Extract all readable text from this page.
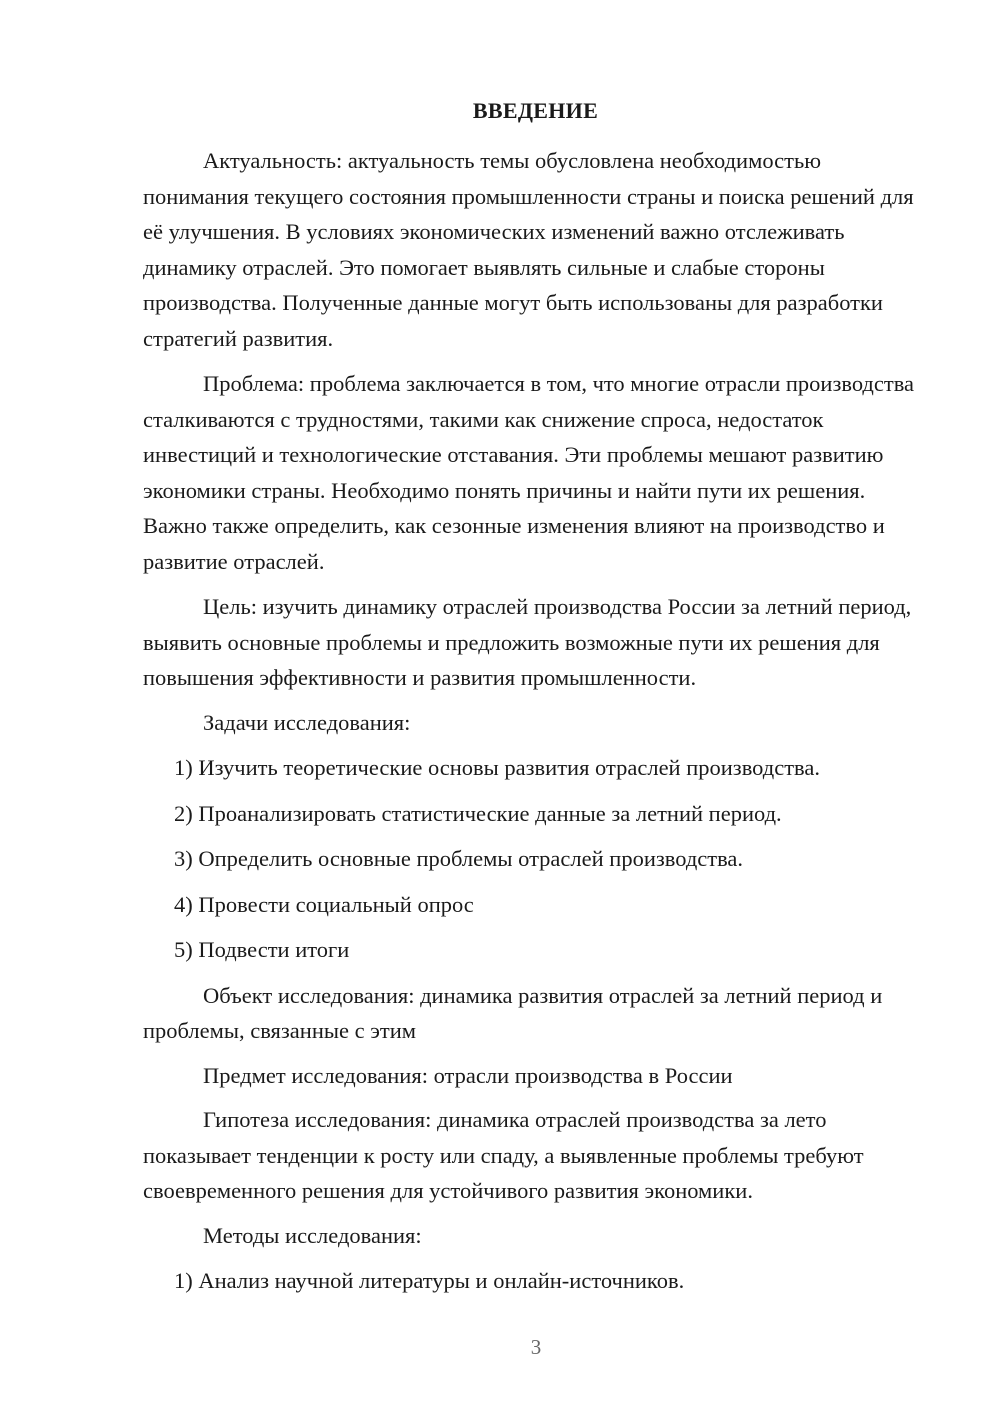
ВВЕДЕНИЕ

Актуальность: актуальность темы обусловлена необходимостью понимания текущего состояния промышленности страны и поиска решений для её улучшения. В условиях экономических изменений важно отслеживать динамику отраслей. Это помогает выявлять сильные и слабые стороны производства. Полученные данные могут быть использованы для разработки стратегий развития.

Проблема: проблема заключается в том, что многие отрасли производства сталкиваются с трудностями, такими как снижение спроса, недостаток инвестиций и технологические отставания. Эти проблемы мешают развитию экономики страны. Необходимо понять причины и найти пути их решения. Важно также определить, как сезонные изменения влияют на производство и развитие отраслей.

Цель: изучить динамику отраслей производства России за летний период, выявить основные проблемы и предложить возможные пути их решения для повышения эффективности и развития промышленности.

Задачи исследования:

1) Изучить теоретические основы развития отраслей производства.

2) Проанализировать статистические данные за летний период.

3) Определить основные проблемы отраслей производства.

4) Провести социальный опрос

5) Подвести итоги

Объект исследования: динамика развития отраслей за летний период и проблемы, связанные с этим

Предмет исследования: отрасли производства в России

Гипотеза исследования: динамика отраслей производства за лето показывает тенденции к росту или спаду, а выявленные проблемы требуют своевременного решения для устойчивого развития экономики.

Методы исследования:

1) Анализ научной литературы и онлайн-источников.

3
